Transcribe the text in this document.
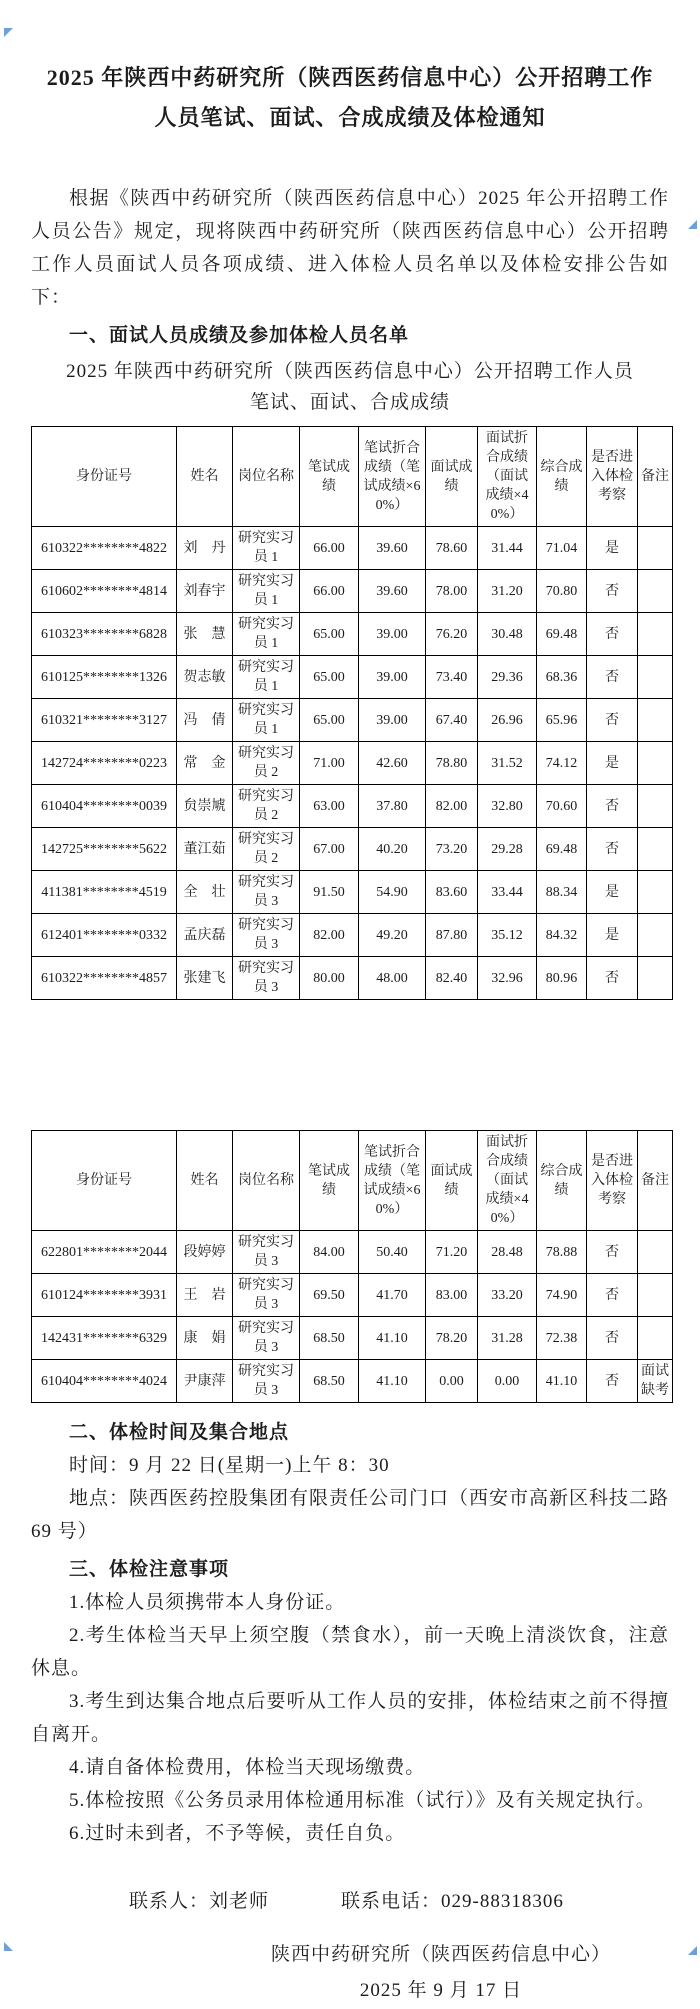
2025 年陕西中药研究所（陕西医药信息中心）公开招聘工作人员笔试、面试、合成成绩及体检通知

根据《陕西中药研究所（陕西医药信息中心）2025 年公开招聘工作人员公告》规定，现将陕西中药研究所（陕西医药信息中心）公开招聘工作人员面试人员各项成绩、进入体检人员名单以及体检安排公告如下：

一、面试人员成绩及参加体检人员名单

2025 年陕西中药研究所（陕西医药信息中心）公开招聘工作人员笔试、面试、合成成绩

身份证号	姓名	岗位名称	笔试成绩	笔试折合成绩（笔试成绩×60%）	面试成绩	面试折合成绩（面试成绩×40%）	综合成绩	是否进入体检考察	备注
610322********4822	刘　丹	研究实习员 1	66.00	39.60	78.60	31.44	71.04	是	
610602********4814	刘春宇	研究实习员 1	66.00	39.60	78.00	31.20	70.80	否	
610323********6828	张　慧	研究实习员 1	65.00	39.00	76.20	30.48	69.48	否	
610125********1326	贺志敏	研究实习员 1	65.00	39.00	73.40	29.36	68.36	否	
610321********3127	冯　倩	研究实习员 1	65.00	39.00	67.40	26.96	65.96	否	
142724********0223	常　金	研究实习员 2	71.00	42.60	78.80	31.52	74.12	是	
610404********0039	贠崇虓	研究实习员 2	63.00	37.80	82.00	32.80	70.60	否	
142725********5622	董江茹	研究实习员 2	67.00	40.20	73.20	29.28	69.48	否	
411381********4519	全　壮	研究实习员 3	91.50	54.90	83.60	33.44	88.34	是	
612401********0332	孟庆磊	研究实习员 3	82.00	49.20	87.80	35.12	84.32	是	
610322********4857	张建飞	研究实习员 3	80.00	48.00	82.40	32.96	80.96	否	
身份证号	姓名	岗位名称	笔试成绩	笔试折合成绩（笔试成绩×60%）	面试成绩	面试折合成绩（面试成绩×40%）	综合成绩	是否进入体检考察	备注
622801********2044	段婷婷	研究实习员 3	84.00	50.40	71.20	28.48	78.88	否	
610124********3931	王　岩	研究实习员 3	69.50	41.70	83.00	33.20	74.90	否	
142431********6329	康　娟	研究实习员 3	68.50	41.10	78.20	31.28	72.38	否	
610404********4024	尹康萍	研究实习员 3	68.50	41.10	0.00	0.00	41.10	否	面试缺考
二、体检时间及集合地点

时间：9 月 22 日(星期一)上午 8：30

地点：陕西医药控股集团有限责任公司门口（西安市高新区科技二路 69 号）

三、体检注意事项

1.体检人员须携带本人身份证。

2.考生体检当天早上须空腹（禁食水），前一天晚上清淡饮食，注意休息。

3.考生到达集合地点后要听从工作人员的安排，体检结束之前不得擅自离开。

4.请自备体检费用，体检当天现场缴费。

5.体检按照《公务员录用体检通用标准（试行）》及有关规定执行。

6.过时未到者，不予等候，责任自负。

联系人：刘老师	联系电话：029-88318306
陕西中药研究所（陕西医药信息中心）
2025 年 9 月 17 日
